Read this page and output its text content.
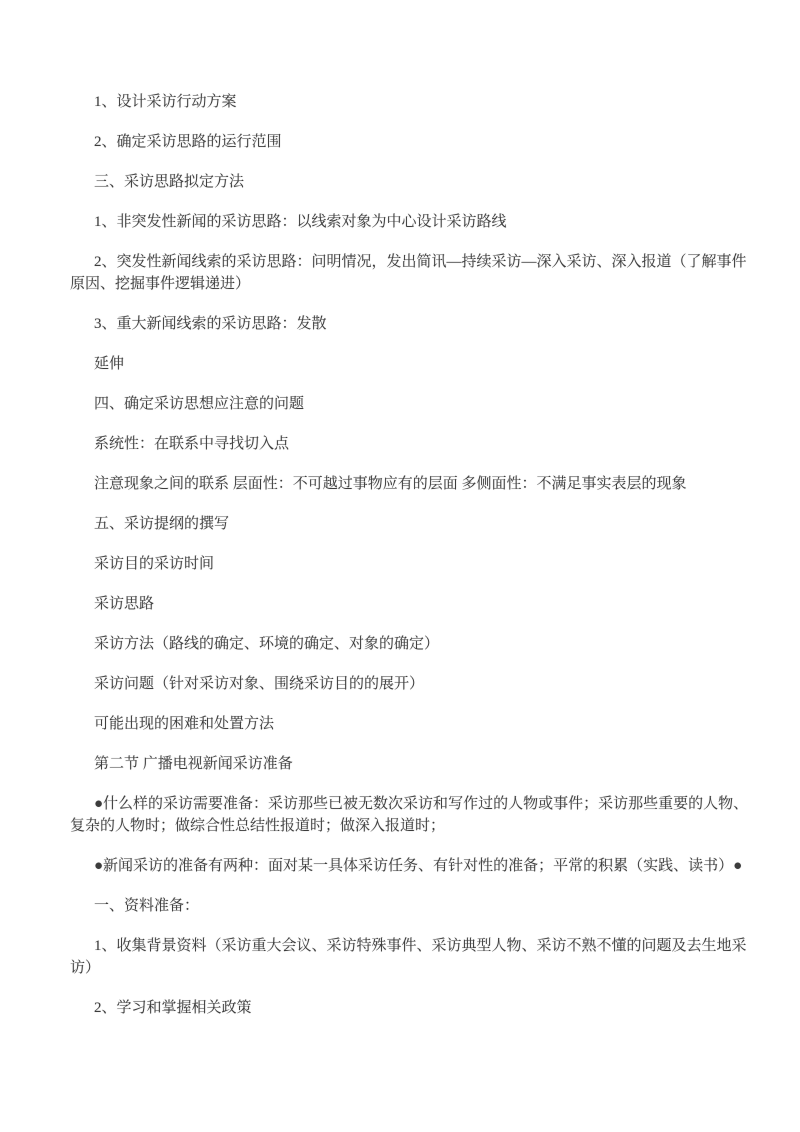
1、设计采访行动方案

2、确定采访思路的运行范围

三、采访思路拟定方法

1、非突发性新闻的采访思路：以线索对象为中心设计采访路线

2、突发性新闻线索的采访思路：问明情况，发出简讯—持续采访—深入采访、深入报道（了解事件原因、挖掘事件逻辑递进）

3、重大新闻线索的采访思路：发散

延伸

四、确定采访思想应注意的问题

系统性：在联系中寻找切入点

注意现象之间的联系 层面性：不可越过事物应有的层面 多侧面性：不满足事实表层的现象

五、采访提纲的撰写

采访目的采访时间

采访思路

采访方法（路线的确定、环境的确定、对象的确定）

采访问题（针对采访对象、围绕采访目的的展开）

可能出现的困难和处置方法

第二节 广播电视新闻采访准备

●什么样的采访需要准备：采访那些已被无数次采访和写作过的人物或事件；采访那些重要的人物、复杂的人物时；做综合性总结性报道时；做深入报道时；

●新闻采访的准备有两种：面对某一具体采访任务、有针对性的准备；平常的积累（实践、读书）●

一、资料准备：

1、收集背景资料（采访重大会议、采访特殊事件、采访典型人物、采访不熟不懂的问题及去生地采访）

2、学习和掌握相关政策
